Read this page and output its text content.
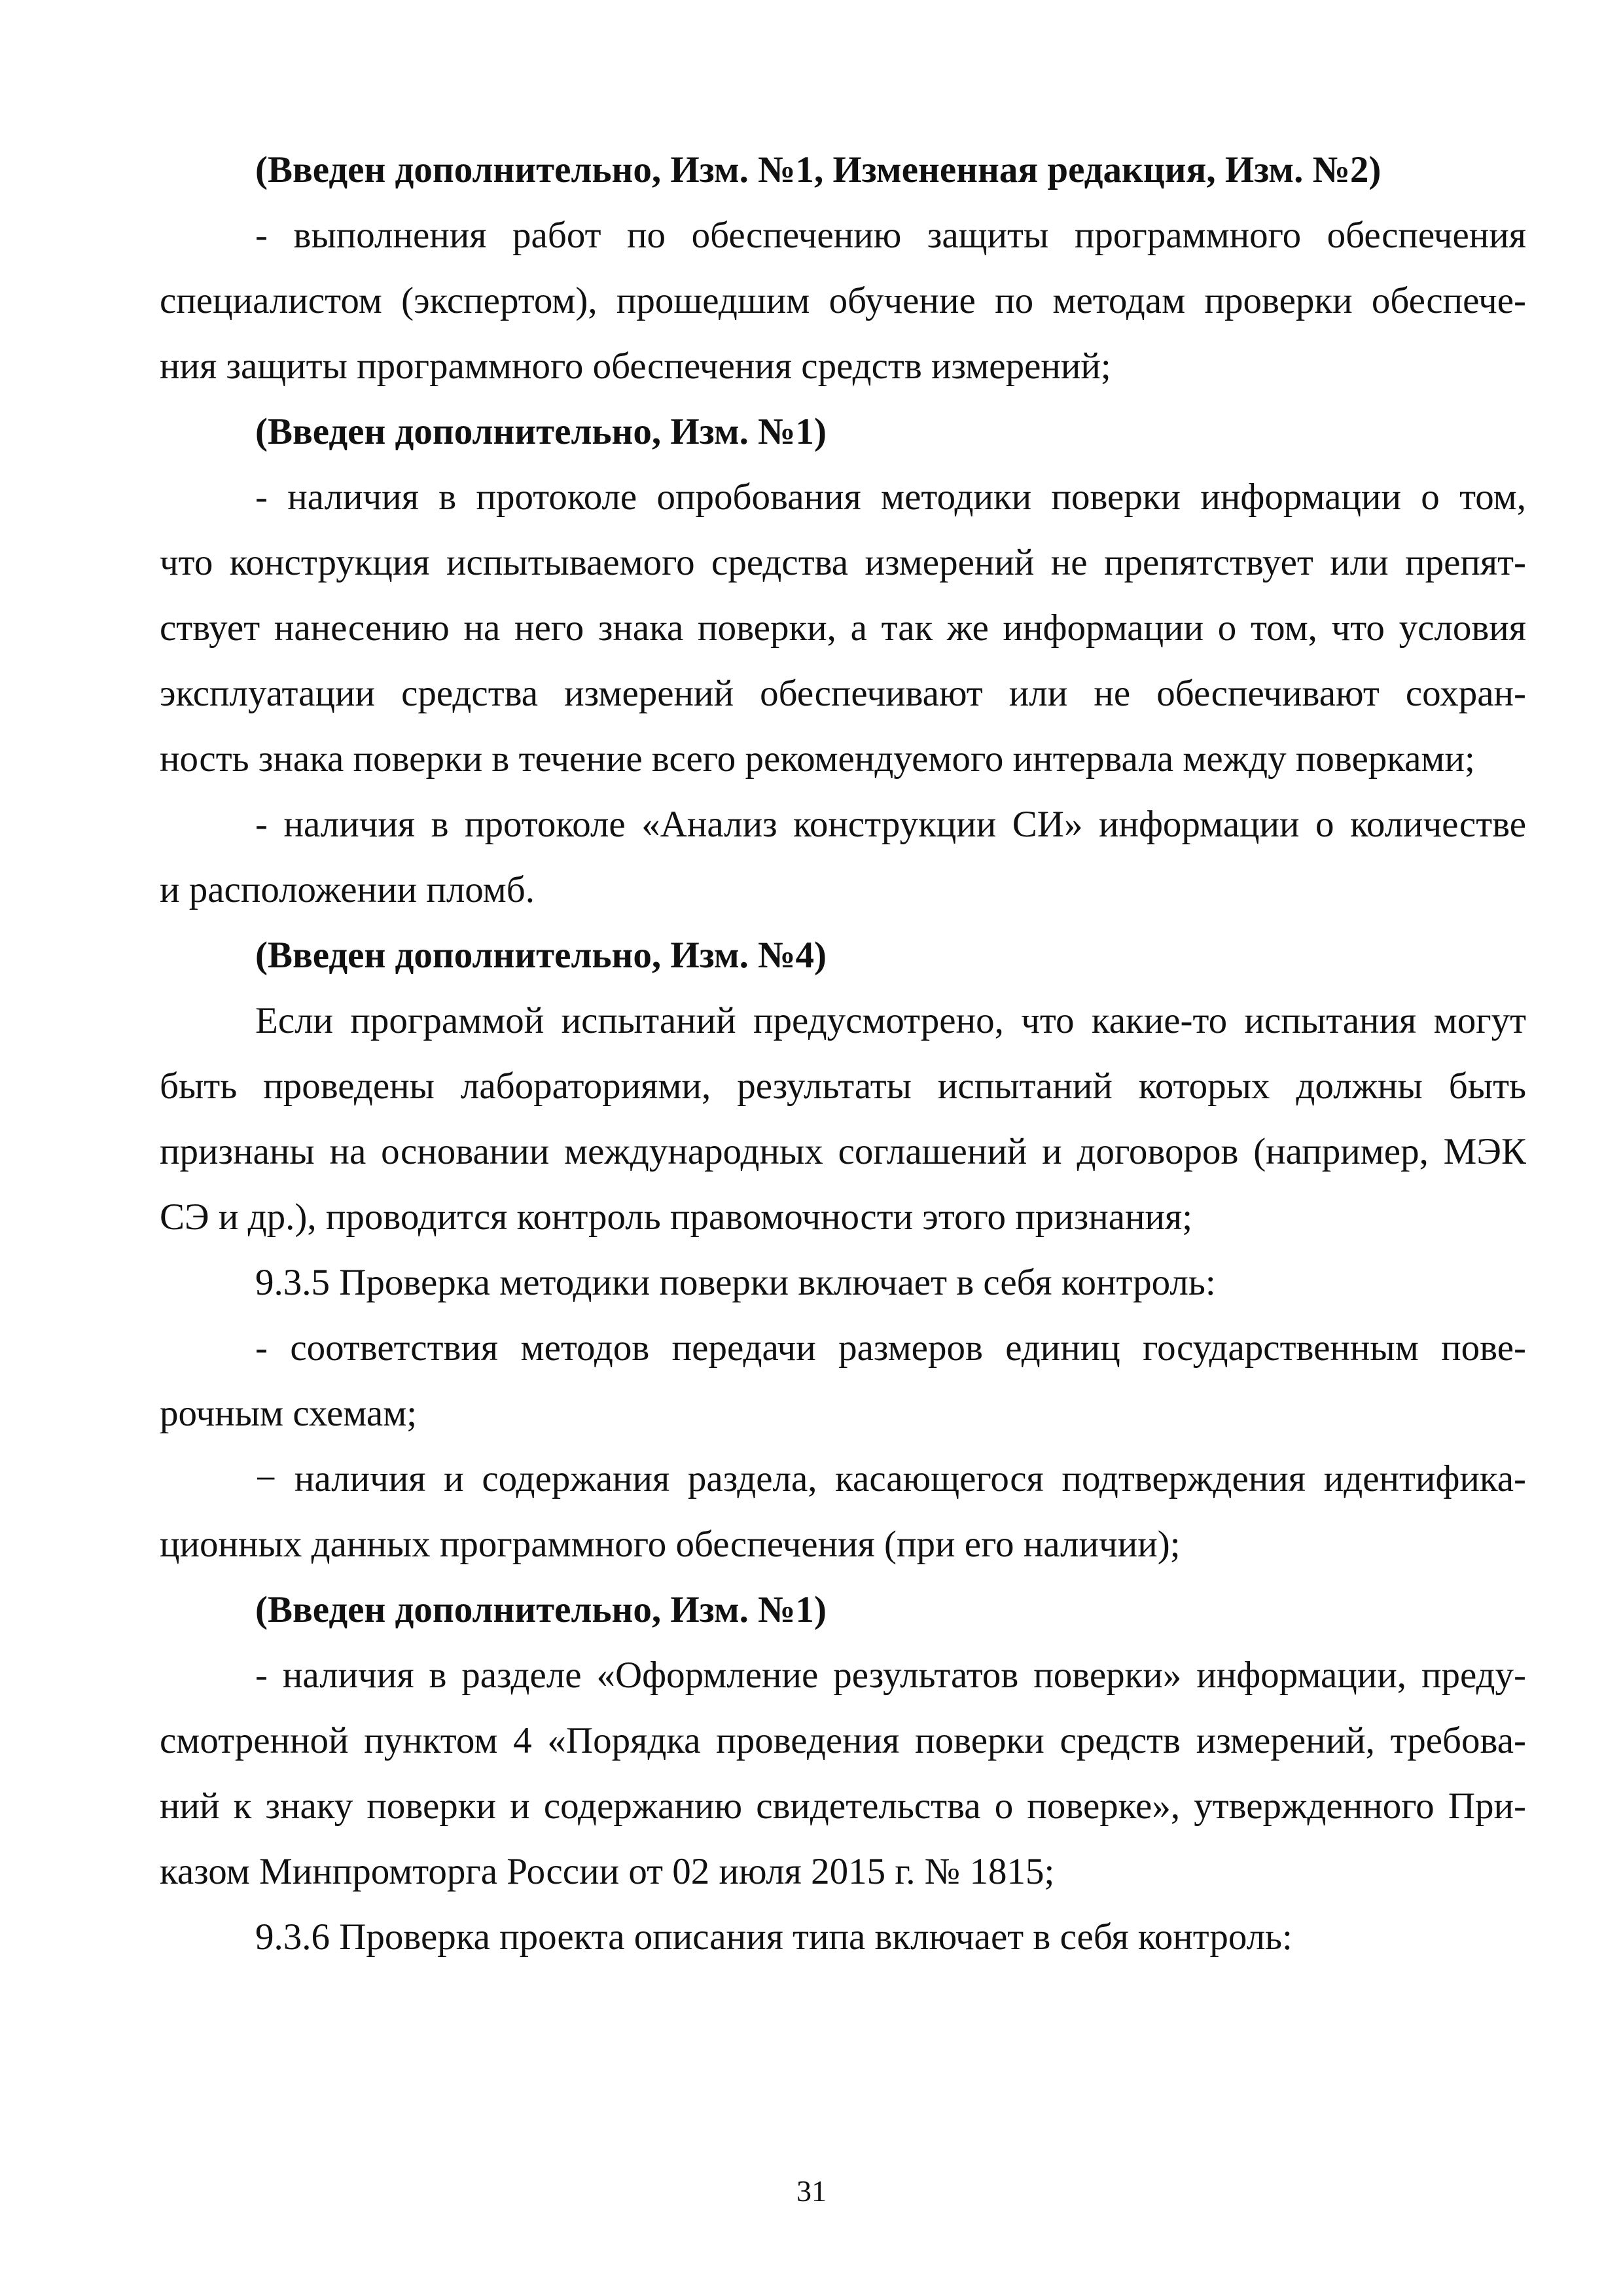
(Введен дополнительно, Изм. №1, Измененная редакция, Изм. №2)
- выполнения работ по обеспечению защиты программного обеспечения
специалистом (экспертом), прошедшим обучение по методам проверки обеспече-
ния защиты программного обеспечения средств измерений;
(Введен дополнительно, Изм. №1)
- наличия в протоколе опробования методики поверки информации о том,
что конструкция испытываемого средства измерений не препятствует или препят-
ствует нанесению на него знака поверки, а так же информации о том, что условия
эксплуатации средства измерений обеспечивают или не обеспечивают сохран-
ность знака поверки в течение всего рекомендуемого интервала между поверками;
- наличия в протоколе «Анализ конструкции СИ» информации о количестве
и расположении пломб.
(Введен дополнительно, Изм. №4)
Если программой испытаний предусмотрено, что какие-то испытания могут
быть проведены лабораториями, результаты испытаний которых должны быть
признаны на основании международных соглашений и договоров (например, МЭК
СЭ и др.), проводится контроль правомочности этого признания;
9.3.5 Проверка методики поверки включает в себя контроль:
- соответствия методов передачи размеров единиц государственным пове-
рочным схемам;
− наличия и содержания раздела, касающегося подтверждения идентифика-
ционных данных программного обеспечения (при его наличии);
(Введен дополнительно, Изм. №1)
- наличия в разделе «Оформление результатов поверки» информации, преду-
смотренной пунктом 4 «Порядка проведения поверки средств измерений, требова-
ний к знаку поверки и содержанию свидетельства о поверке», утвержденного При-
казом Минпромторга России от 02 июля 2015 г. № 1815;
9.3.6 Проверка проекта описания типа включает в себя контроль:
31
